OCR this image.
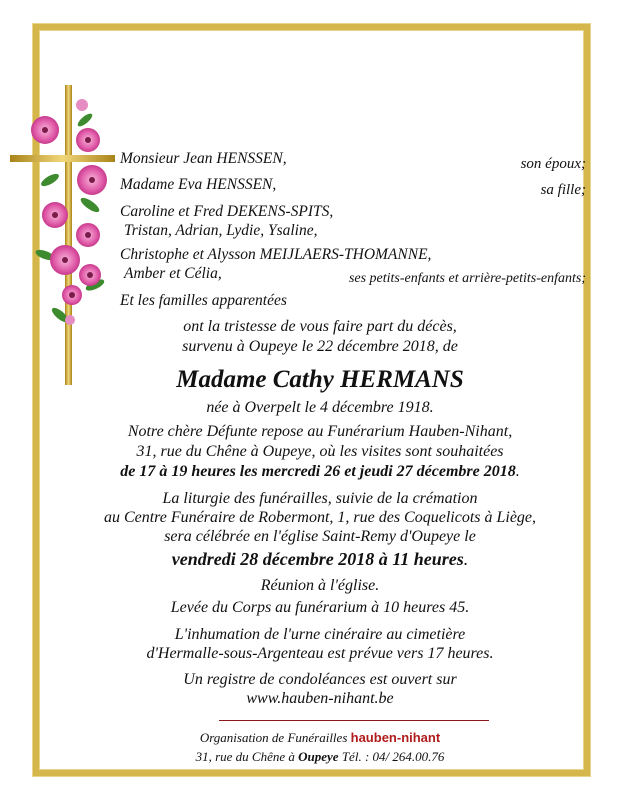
Monsieur Jean HENSSEN,	son époux;
Madame Eva HENSSEN,	sa fille;
Caroline et Fred DEKENS-SPITS,
Tristan, Adrian, Lydie, Ysaline,
Christophe et Alysson MEIJLAERS-THOMANNE,
Amber et Célia,	ses petits-enfants et arrière-petits-enfants;
Et les familles apparentées
ont la tristesse de vous faire part du décès,
survenu à Oupeye le 22 décembre 2018, de
Madame Cathy HERMANS
née à Overpelt le 4 décembre 1918.
Notre chère Défunte repose au Funérarium Hauben-Nihant,
31, rue du Chêne à Oupeye, où les visites sont souhaitées
de 17 à 19 heures les mercredi 26 et jeudi 27 décembre 2018.
La liturgie des funérailles, suivie de la crémation
au Centre Funéraire de Robermont, 1, rue des Coquelicots à Liège,
sera célébrée en l'église Saint-Remy d'Oupeye le
vendredi 28 décembre 2018 à 11 heures.
Réunion à l'église.
Levée du Corps au funérarium à 10 heures 45.
L'inhumation de l'urne cinéraire au cimetière
d'Hermalle-sous-Argenteau est prévue vers 17 heures.
Un registre de condoléances est ouvert sur
www.hauben-nihant.be
Organisation de Funérailles hauben-nihant
31, rue du Chêne à Oupeye Tél. : 04/ 264.00.76
